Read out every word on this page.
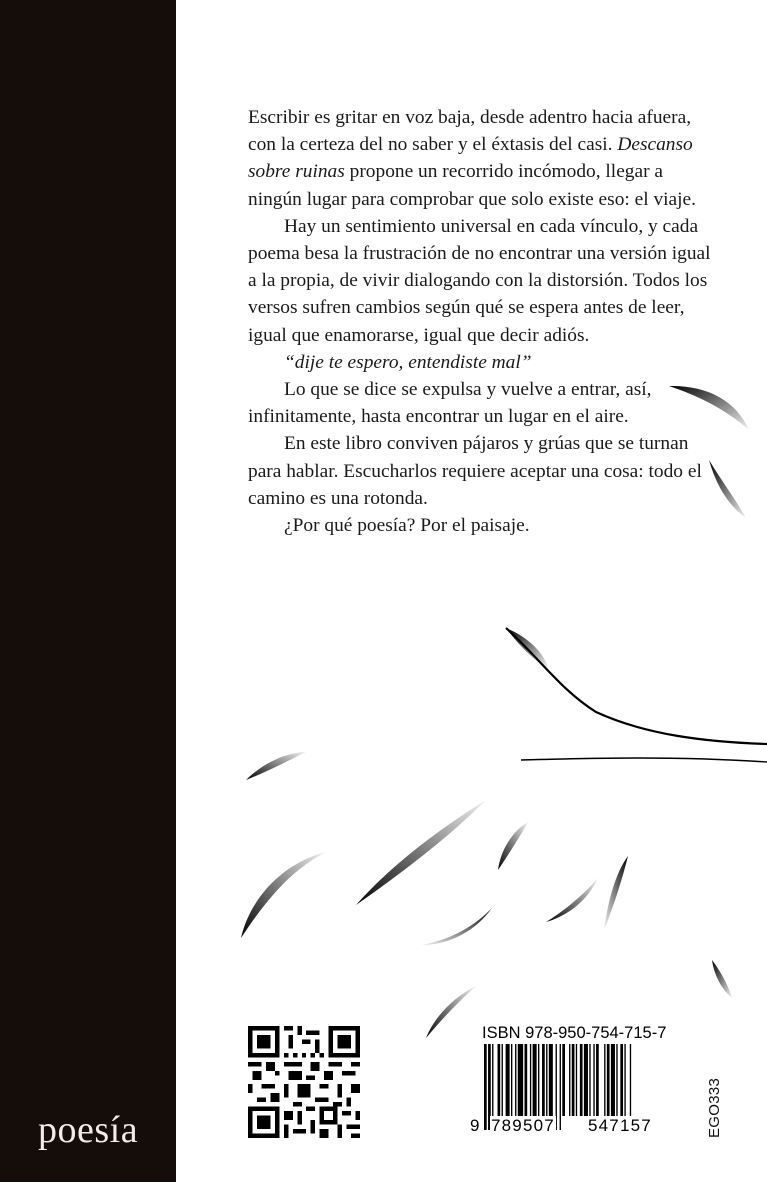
poesía

Escribir es gritar en voz baja, desde adentro hacia afuera, con la certeza del no saber y el éxtasis del casi. Descanso sobre ruinas propone un recorrido incómodo, llegar a ningún lugar para comprobar que solo existe eso: el viaje.

Hay un sentimiento universal en cada vínculo, y cada poema besa la frustración de no encontrar una versión igual a la propia, de vivir dialogando con la distorsión. Todos los versos sufren cambios según qué se espera antes de leer, igual que enamorarse, igual que decir adiós.

“dije te espero, entendiste mal”

Lo que se dice se expulsa y vuelve a entrar, así, infinitamente, hasta encontrar un lugar en el aire.

En este libro conviven pájaros y grúas que se turnan para hablar. Escucharlos requiere aceptar una cosa: todo el camino es una rotonda.

¿Por qué poesía? Por el paisaje.

ISBN 978-950-754-715-7
9 789507 547157	EGO333
